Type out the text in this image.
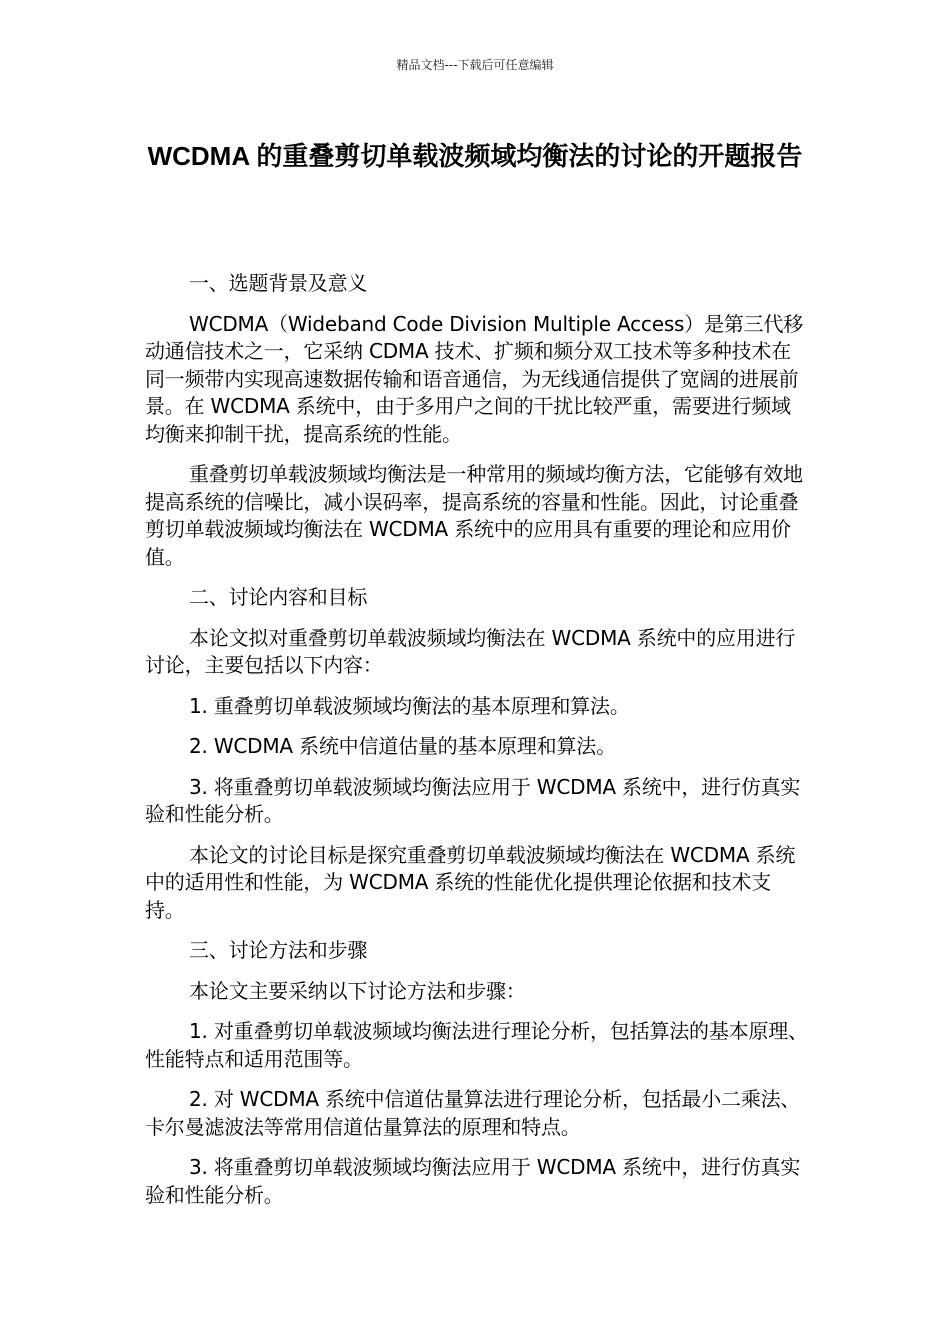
精品文档---下载后可任意编辑
WCDMA 的重叠剪切单载波频域均衡法的讨论的开题报告

一、选题背景及意义

WCDMA（Wideband Code Division Multiple Access）是第三代移动通信技术之一，它采纳 CDMA 技术、扩频和频分双工技术等多种技术在同一频带内实现高速数据传输和语音通信，为无线通信提供了宽阔的进展前景。在 WCDMA 系统中，由于多用户之间的干扰比较严重，需要进行频域均衡来抑制干扰，提高系统的性能。

重叠剪切单载波频域均衡法是一种常用的频域均衡方法，它能够有效地提高系统的信噪比，减小误码率，提高系统的容量和性能。因此，讨论重叠剪切单载波频域均衡法在 WCDMA 系统中的应用具有重要的理论和应用价值。

二、讨论内容和目标

本论文拟对重叠剪切单载波频域均衡法在 WCDMA 系统中的应用进行讨论，主要包括以下内容：

1. 重叠剪切单载波频域均衡法的基本原理和算法。

2. WCDMA 系统中信道估量的基本原理和算法。

3. 将重叠剪切单载波频域均衡法应用于 WCDMA 系统中，进行仿真实验和性能分析。

本论文的讨论目标是探究重叠剪切单载波频域均衡法在 WCDMA 系统中的适用性和性能，为 WCDMA 系统的性能优化提供理论依据和技术支持。

三、讨论方法和步骤

本论文主要采纳以下讨论方法和步骤：

1. 对重叠剪切单载波频域均衡法进行理论分析，包括算法的基本原理、性能特点和适用范围等。

2. 对 WCDMA 系统中信道估量算法进行理论分析，包括最小二乘法、卡尔曼滤波法等常用信道估量算法的原理和特点。

3. 将重叠剪切单载波频域均衡法应用于 WCDMA 系统中，进行仿真实验和性能分析。
